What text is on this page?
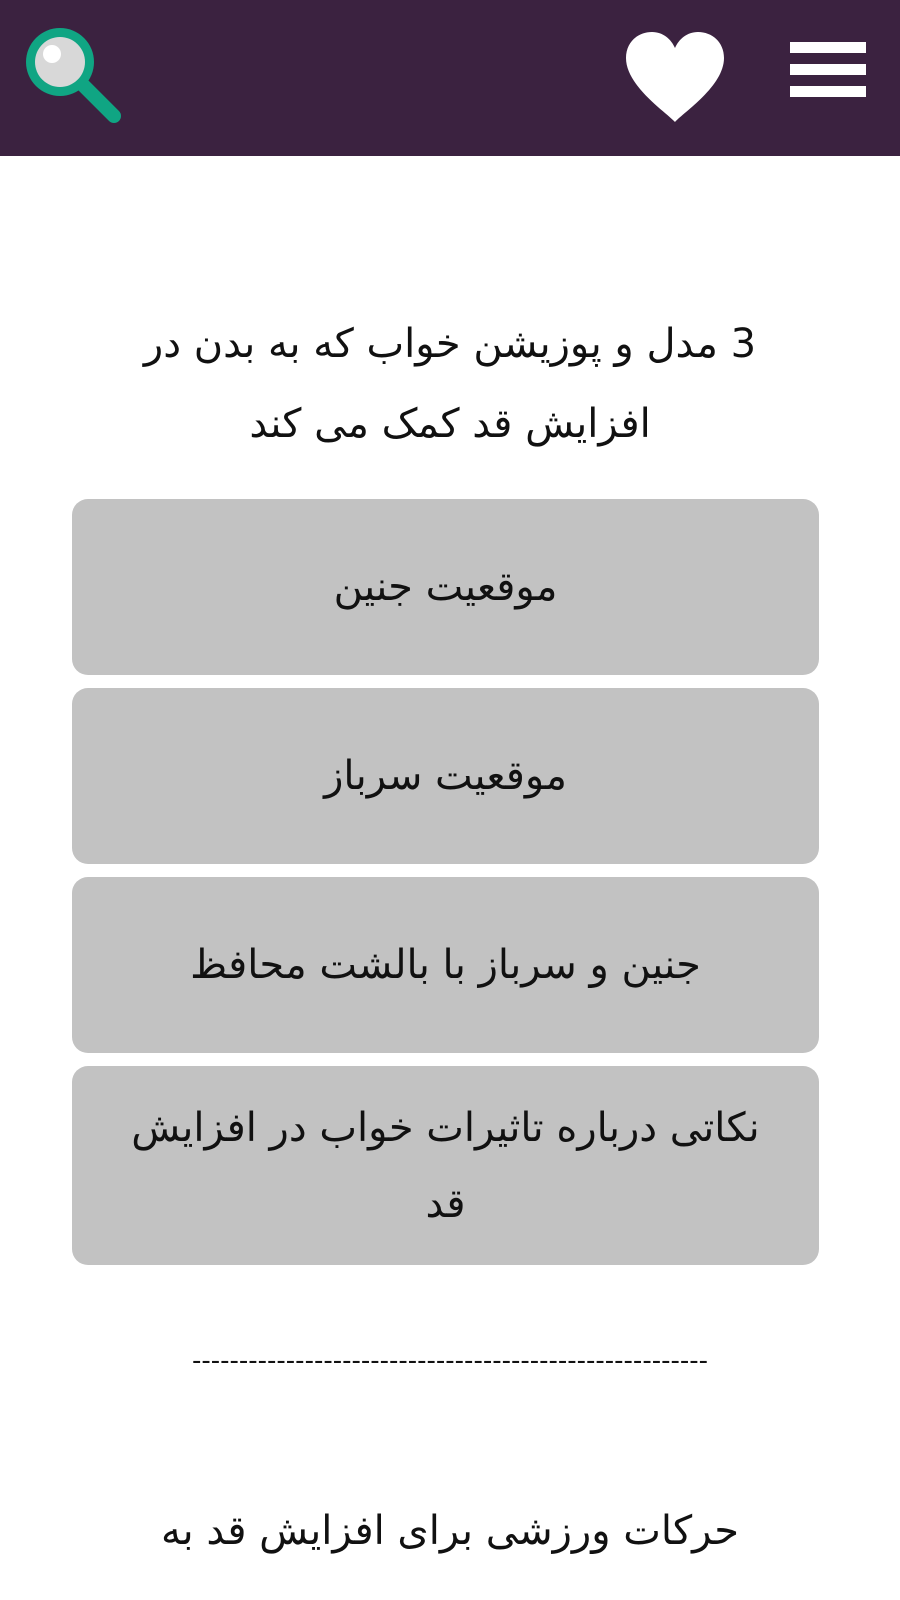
3 مدل و پوزیشن خواب که به بدن در افزایش قد کمک می کند
موقعیت جنین
موقعیت سرباز
جنین و سرباز با بالشت محافظ
نکاتی درباره تاثیرات خواب در افزایش قد
-------------------------------------------------------
حرکات ورزشی برای افزایش قد به
